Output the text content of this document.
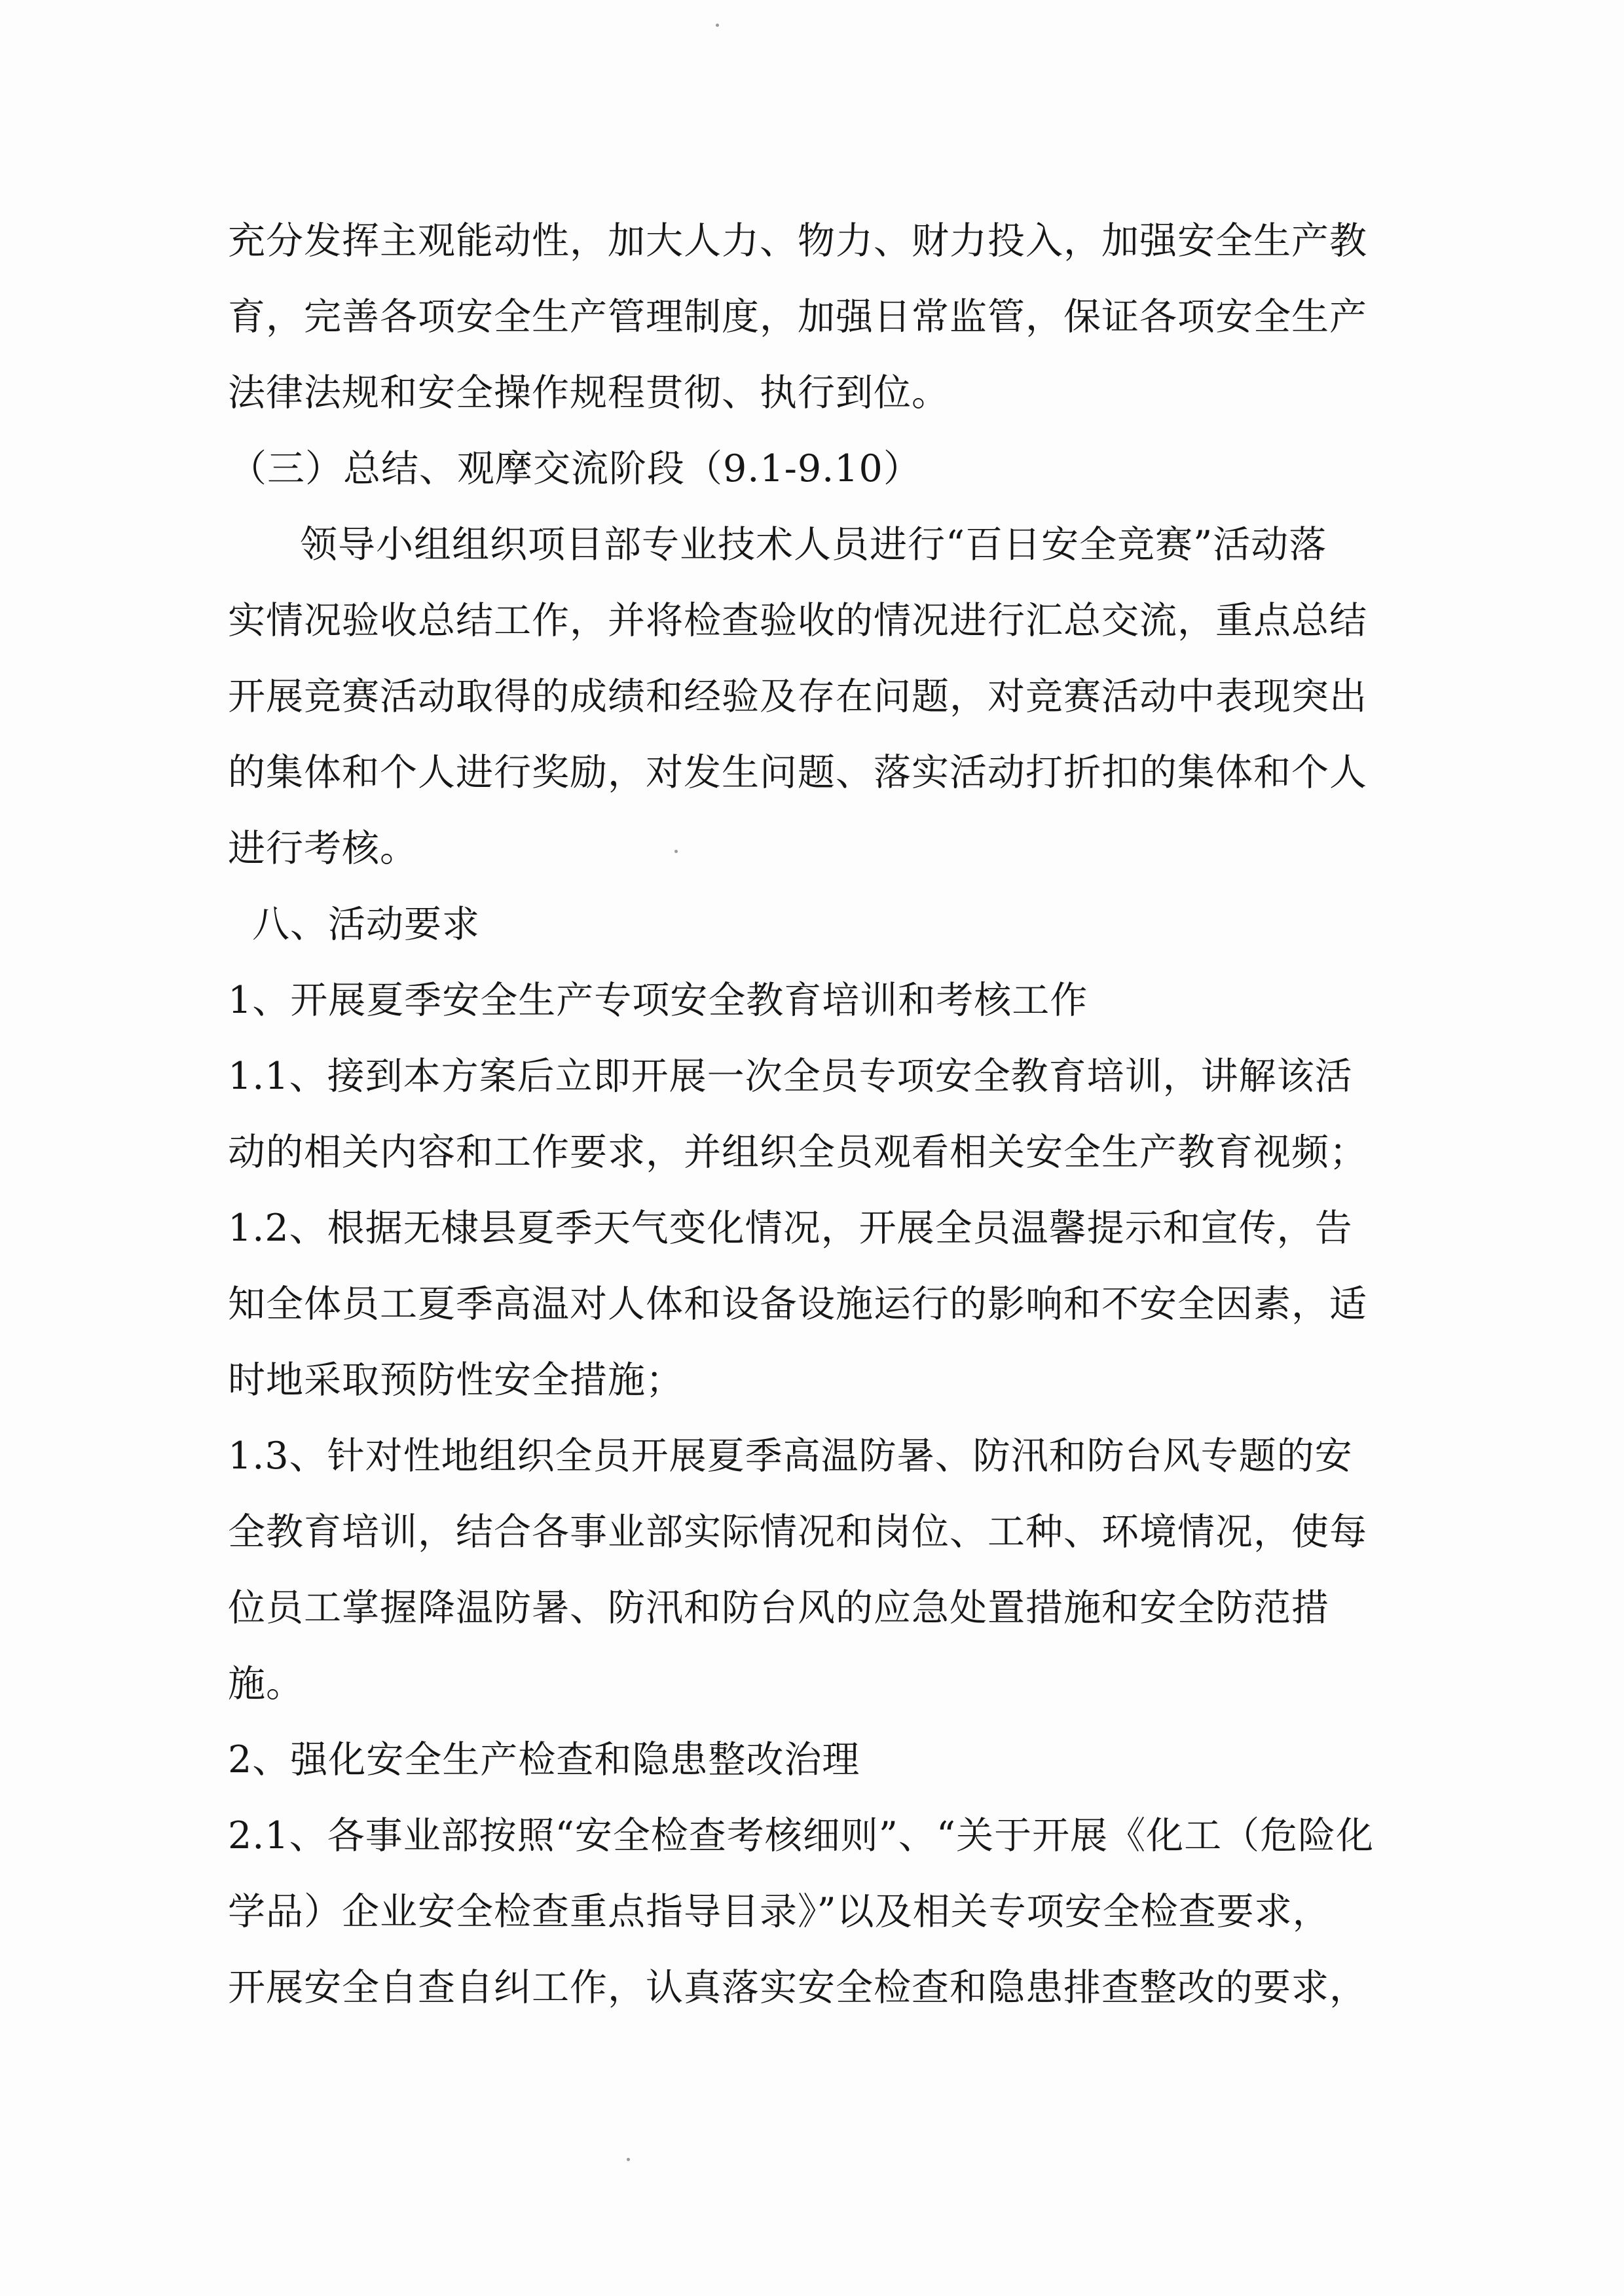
充分发挥主观能动性，加大人力、物力、财力投入，加强安全生产教
育，完善各项安全生产管理制度，加强日常监管，保证各项安全生产
法律法规和安全操作规程贯彻、执行到位。
（三）总结、观摩交流阶段（9.1-9.10）
领导小组组织项目部专业技术人员进行“百日安全竞赛”活动落
实情况验收总结工作，并将检查验收的情况进行汇总交流，重点总结
开展竞赛活动取得的成绩和经验及存在问题，对竞赛活动中表现突出
的集体和个人进行奖励，对发生问题、落实活动打折扣的集体和个人
进行考核。
八、活动要求
1、开展夏季安全生产专项安全教育培训和考核工作
1.1、接到本方案后立即开展一次全员专项安全教育培训，讲解该活
动的相关内容和工作要求，并组织全员观看相关安全生产教育视频；
1.2、根据无棣县夏季天气变化情况，开展全员温馨提示和宣传，告
知全体员工夏季高温对人体和设备设施运行的影响和不安全因素，适
时地采取预防性安全措施；
1.3、针对性地组织全员开展夏季高温防暑、防汛和防台风专题的安
全教育培训，结合各事业部实际情况和岗位、工种、环境情况，使每
位员工掌握降温防暑、防汛和防台风的应急处置措施和安全防范措
施。
2、强化安全生产检查和隐患整改治理
2.1、各事业部按照“安全检查考核细则”、“关于开展《化工（危险化
学品）企业安全检查重点指导目录》”以及相关专项安全检查要求，
开展安全自查自纠工作，认真落实安全检查和隐患排查整改的要求，
